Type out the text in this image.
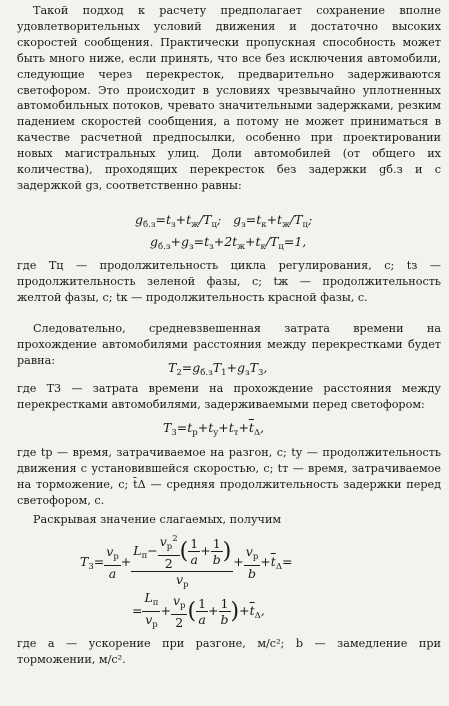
Такой подход к расчету предполагает сохранение вполне удовлетворительных условий движения и достаточно высоких скоростей сообщения. Практически пропускная способность может быть много ниже, если принять, что все без исключения автомобили, следующие через перекресток, предварительно задерживаются светофором. Это происходит в условиях чрезвычайно уплотненных автомобильных потоков, чревато значительными задержками, резким падением скоростей сообщения, а потому не может приниматься в качестве расчетной предпосылки, особенно при проектировании новых магистральных улиц. Доли автомобилей (от общего их количества), проходящих перекресток без задержки gб.з и с задержкой gз, соответственно равны:

$g_{б.з}=t_з+t_ж/T_ц$;   $g_з=t_к+t_ж/T_ц$;
$g_{б.з}+g_з=t_з+2t_ж+t_к/T_ц=1$,

где Tц — продолжительность цикла регулирования, с; tз — продолжительность зеленой фазы, с; tж — продолжительность желтой фазы, с; tк — продолжительность красной фазы, с.

Следовательно, средневзвешенная затрата времени на прохождение автомобилями расстояния между перекрестками будет равна:	$T_2=g_{б.з}T_1+g_зT_3$,

где T3 — затрата времени на прохождение расстояния между перекрестками автомобилями, задерживаемыми перед светофором:

$T_3=t_р+t_у+t_т+\overline{t}_\Delta$,

где tр — время, затрачиваемое на разгон, с; tу — продолжительность движения с установившейся скоростью, с; tт — время, затрачиваемое на торможение, с; t̄Δ — средняя продолжительность задержки перед светофором, с.

Раскрывая значение слагаемых, получим

$T_3= \frac{v_р}{a} + \frac{L_п- \frac{v_р^2}{2} ( \frac{1}{a} + \frac{1}{b} )}{v_р} + \frac{v_р}{b} +\overline{t}_\Delta=$
= $\frac{L_п}{v_р} + \frac{v_р}{2}$ ( $\frac{1}{a} + \frac{1}{b} )+\overline{t}_\Delta$,

где a — ускорение при разгоне, м/с²; b — замедление при торможении, м/с².
